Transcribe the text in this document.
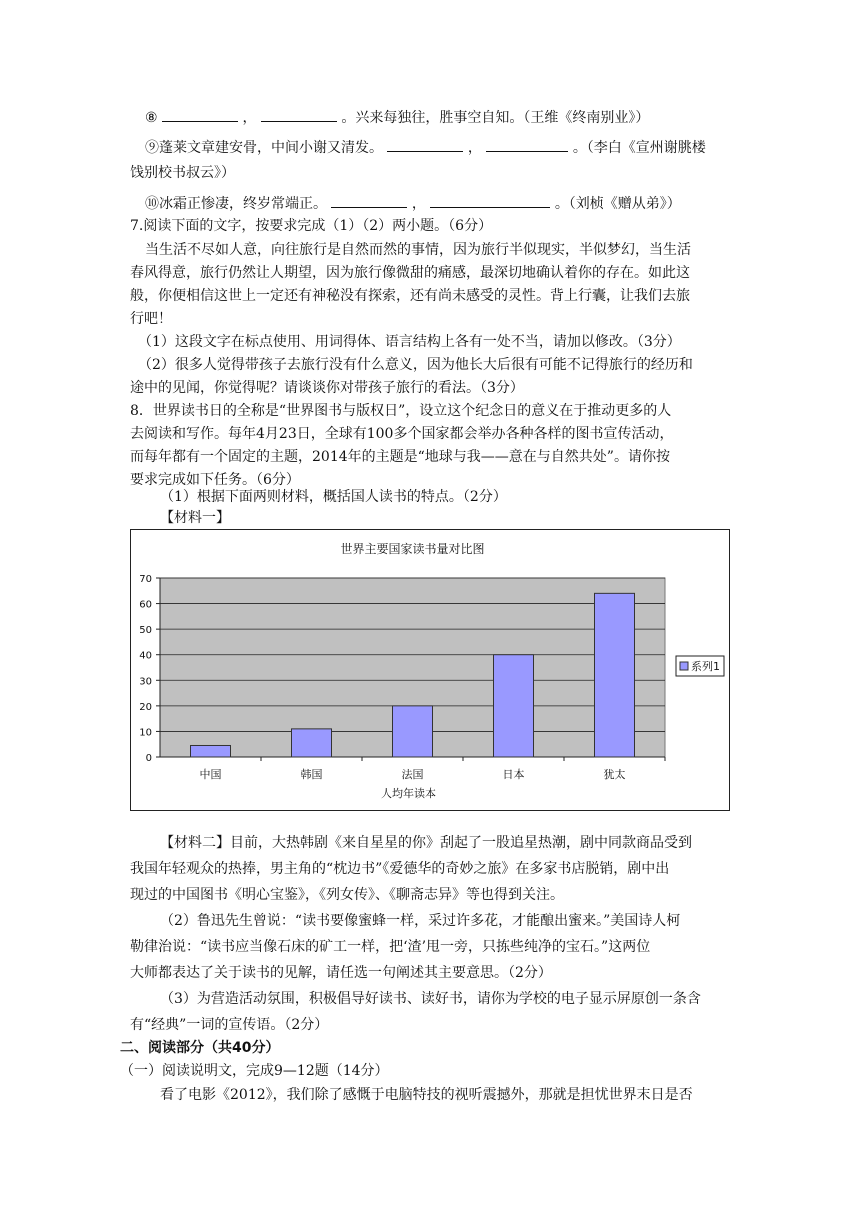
⑧	，	。兴来每独往，胜事空自知。（王维《终南别业》）
⑨蓬莱文章建安骨，中间小谢又清发。	，	。（李白《宣州谢朓楼
饯别校书叔云》）
⑩冰霜正惨凄，终岁常端正。	，	。（刘桢《赠从弟》）
7.阅读下面的文字，按要求完成（1）（2）两小题。（6分）
当生活不尽如人意，向往旅行是自然而然的事情，因为旅行半似现实，半似梦幻，当生活
春风得意，旅行仍然让人期望，因为旅行像微甜的痛感，最深切地确认着你的存在。如此这
般，你便相信这世上一定还有神秘没有探索，还有尚未感受的灵性。背上行囊，让我们去旅
行吧！
（1）这段文字在标点使用、用词得体、语言结构上各有一处不当，请加以修改。（3分）
（2）很多人觉得带孩子去旅行没有什么意义，因为他长大后很有可能不记得旅行的经历和
途中的见闻，你觉得呢？请谈谈你对带孩子旅行的看法。（3分）
8．世界读书日的全称是“世界图书与版权日”，设立这个纪念日的意义在于推动更多的人
去阅读和写作。每年4月23日，全球有100多个国家都会举办各种各样的图书宣传活动，
而每年都有一个固定的主题，2014年的主题是“地球与我——意在与自然共处”。请你按
要求完成如下任务。（6分）
（1）根据下面两则材料，概括国人读书的特点。（2分）
【材料一】
世界主要国家读书量对比图
0
10
20
30
40
50
60
70
中国	韩国	法国	日本	犹太
人均年读本
系列1
【材料二】目前，大热韩剧《来自星星的你》刮起了一股追星热潮，剧中同款商品受到
我国年轻观众的热捧，男主角的“枕边书”《爱德华的奇妙之旅》在多家书店脱销，剧中出
现过的中国图书《明心宝鉴》，《列女传》、《聊斋志异》等也得到关注。
（2）鲁迅先生曾说：“读书要像蜜蜂一样，采过许多花，才能酿出蜜来。”美国诗人柯
勒律治说：“读书应当像石床的矿工一样，把‘渣’甩一旁，只拣些纯净的宝石。”这两位
大师都表达了关于读书的见解，请任选一句阐述其主要意思。（2分）
（3）为营造活动氛围，积极倡导好读书、读好书，请你为学校的电子显示屏原创一条含
有“经典”一词的宣传语。（2分）
二、阅读部分（共40分）
（一）阅读说明文，完成9—12题（14分）
看了电影《2012》，我们除了感慨于电脑特技的视听震撼外，那就是担忧世界末日是否
